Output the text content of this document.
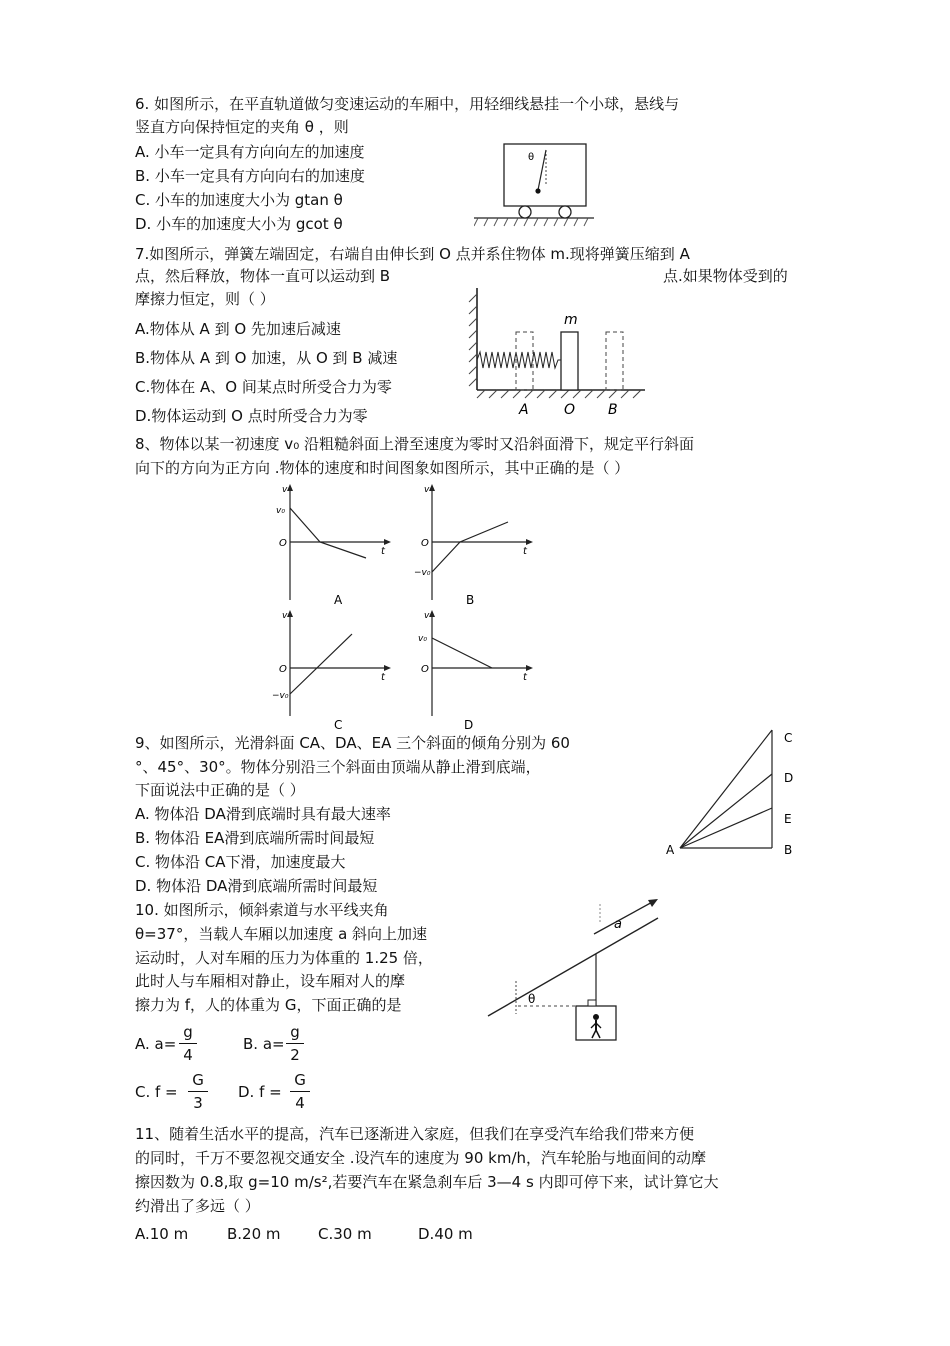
6. 如图所示，在平直轨道做匀变速运动的车厢中，用轻细线悬挂一个小球，悬线与
竖直方向保持恒定的夹角 θ ，则
A. 小车一定具有方向向左的加速度
B. 小车一定具有方向向右的加速度
C. 小车的加速度大小为 gtan θ
D. 小车的加速度大小为 gcot θ
θ
7.如图所示，弹簧左端固定，右端自由伸长到 O 点并系住物体 m.现将弹簧压缩到 A
点，然后释放，物体一直可以运动到 B	点.如果物体受到的
摩擦力恒定，则（ ）
A.物体从 A 到 O 先加速后减速
B.物体从 A 到 O 加速，从 O 到 B 减速
C.物体在 A、O 间某点时所受合力为零
D.物体运动到 O 点时所受合力为零
m
A	O B
8、物体以某一初速度 v₀ 沿粗糙斜面上滑至速度为零时又沿斜面滑下，规定平行斜面
向下的方向为正方向 .物体的速度和时间图象如图所示，其中正确的是（ ）
v
t
O
v₀
A
v
t
O
−v₀
B
v
t
O
−v₀
C
v
t
O
v₀
D
9、如图所示，光滑斜面 CA、DA、EA 三个斜面的倾角分别为 60
°、45°、30°。物体分别沿三个斜面由顶端从静止滑到底端，
下面说法中正确的是（ ）
A. 物体沿 DA滑到底端时具有最大速率
B. 物体沿 EA滑到底端所需时间最短
C. 物体沿 CA下滑，加速度最大
D. 物体沿 DA滑到底端所需时间最短
C
D
E
A	B
10. 如图所示，倾斜索道与水平线夹角
θ=37°，当载人车厢以加速度 a 斜向上加速
运动时，人对车厢的压力为体重的 1.25 倍，
此时人与车厢相对静止，设车厢对人的摩
擦力为 f，人的体重为 G，下面正确的是
A. a=
g
4
B. a=
g
2
C. f =
G
3
D. f =
G
4
a
θ
11、随着生活水平的提高，汽车已逐渐进入家庭，但我们在享受汽车给我们带来方便
的同时，千万不要忽视交通安全 .设汽车的速度为 90 km/h，汽车轮胎与地面间的动摩
擦因数为 0.8,取 g=10 m/s²,若要汽车在紧急刹车后 3—4 s 内即可停下来，试计算它大
约滑出了多远（ ）
A.10 m	B.20 m C.30 m	D.40 m
